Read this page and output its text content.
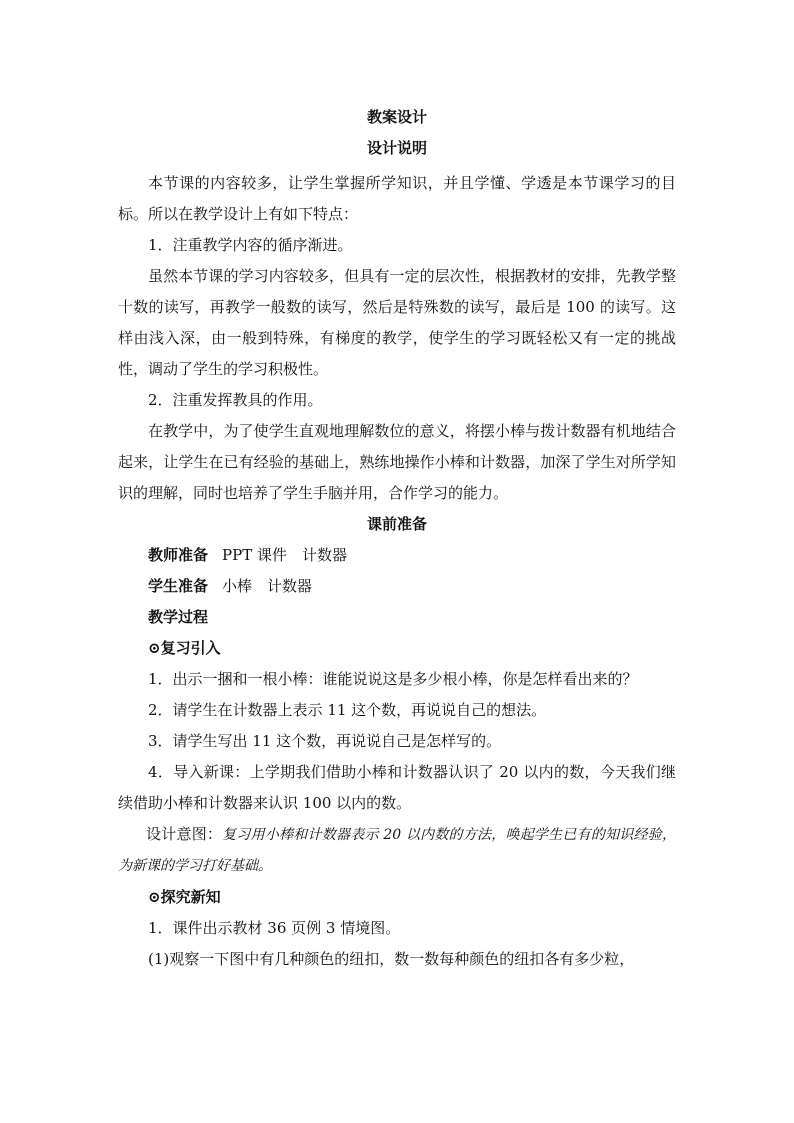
教案设计
设计说明

本节课的内容较多，让学生掌握所学知识，并且学懂、学透是本节课学习的目标。所以在教学设计上有如下特点：

1．注重教学内容的循序渐进。

虽然本节课的学习内容较多，但具有一定的层次性，根据教材的安排，先教学整十数的读写，再教学一般数的读写，然后是特殊数的读写，最后是 100 的读写。这样由浅入深，由一般到特殊，有梯度的教学，使学生的学习既轻松又有一定的挑战性，调动了学生的学习积极性。

2．注重发挥教具的作用。

在教学中，为了使学生直观地理解数位的意义，将摆小棒与拨计数器有机地结合起来，让学生在已有经验的基础上，熟练地操作小棒和计数器，加深了学生对所学知识的理解，同时也培养了学生手脑并用，合作学习的能力。

课前准备

教师准备 PPT 课件　计数器

学生准备 小棒　计数器

教学过程

⊙复习引入

1．出示一捆和一根小棒：谁能说说这是多少根小棒，你是怎样看出来的？

2．请学生在计数器上表示 11 这个数，再说说自己的想法。

3．请学生写出 11 这个数，再说说自己是怎样写的。

4．导入新课：上学期我们借助小棒和计数器认识了 20 以内的数，今天我们继续借助小棒和计数器来认识 100 以内的数。

设计意图：复习用小棒和计数器表示 20 以内数的方法，唤起学生已有的知识经验，为新课的学习打好基础。

⊙探究新知

1．课件出示教材 36 页例 3 情境图。

(1)观察一下图中有几种颜色的纽扣，数一数每种颜色的纽扣各有多少粒，
